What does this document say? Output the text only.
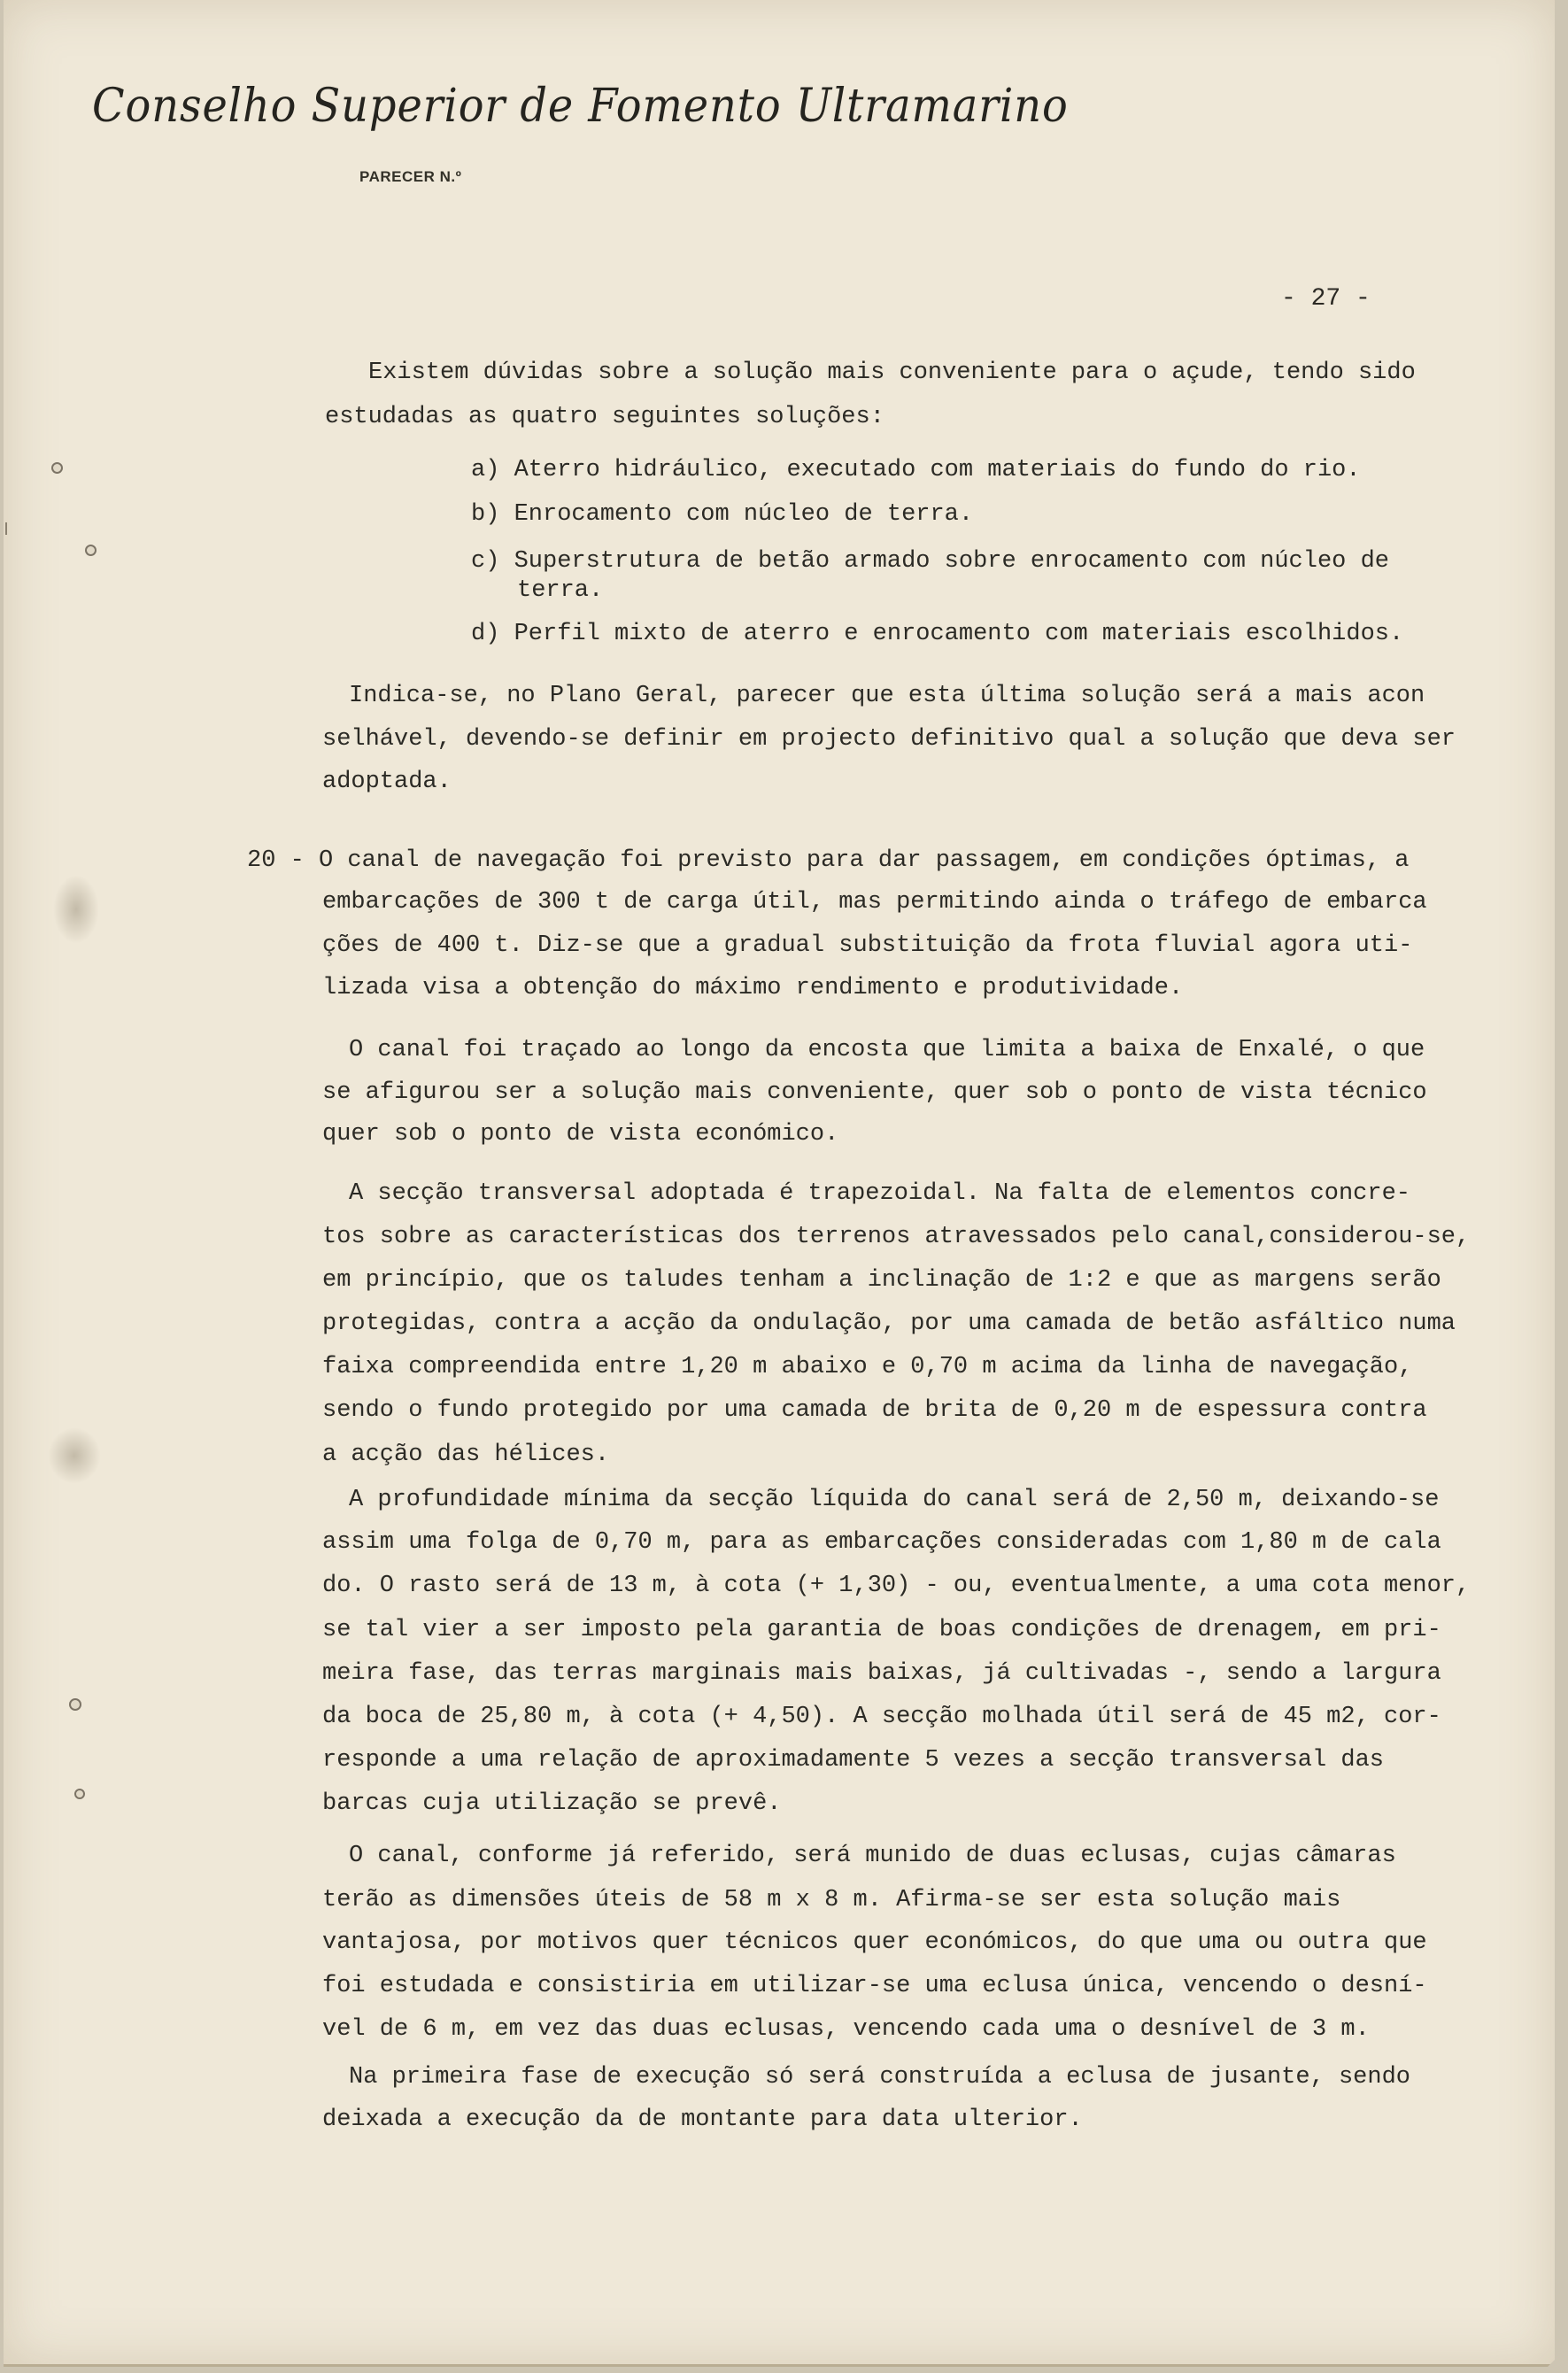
Conselho Superior de Fomento Ultramarino
PARECER N.º
- 27 -
Existem dúvidas sobre a solução mais conveniente para o açude, tendo sido
estudadas as quatro seguintes soluções:
a) Aterro hidráulico, executado com materiais do fundo do rio.
b) Enrocamento com núcleo de terra.
c) Superstrutura de betão armado sobre enrocamento com núcleo de
terra.
d) Perfil mixto de aterro e enrocamento com materiais escolhidos.
Indica-se, no Plano Geral, parecer que esta última solução será a mais acon
selhável, devendo-se definir em projecto definitivo qual a solução que deva ser
adoptada.
20 - O canal de navegação foi previsto para dar passagem, em condições óptimas, a
embarcações de 300 t de carga útil, mas permitindo ainda o tráfego de embarca
ções de 400 t. Diz-se que a gradual substituição da frota fluvial agora uti-
lizada visa a obtenção do máximo rendimento e produtividade.
O canal foi traçado ao longo da encosta que limita a baixa de Enxalé, o que
se afigurou ser a solução mais conveniente, quer sob o ponto de vista técnico
quer sob o ponto de vista económico.
A secção transversal adoptada é trapezoidal. Na falta de elementos concre-
tos sobre as características dos terrenos atravessados pelo canal,considerou-se,
em princípio, que os taludes tenham a inclinação de 1:2 e que as margens serão
protegidas, contra a acção da ondulação, por uma camada de betão asfáltico numa
faixa compreendida entre 1,20 m abaixo e 0,70 m acima da linha de navegação,
sendo o fundo protegido por uma camada de brita de 0,20 m de espessura contra
a acção das hélices.
A profundidade mínima da secção líquida do canal será de 2,50 m, deixando-se
assim uma folga de 0,70 m, para as embarcações consideradas com 1,80 m de cala
do. O rasto será de 13 m, à cota (+ 1,30) - ou, eventualmente, a uma cota menor,
se tal vier a ser imposto pela garantia de boas condições de drenagem, em pri-
meira fase, das terras marginais mais baixas, já cultivadas -, sendo a largura
da boca de 25,80 m, à cota (+ 4,50). A secção molhada útil será de 45 m2, cor-
responde a uma relação de aproximadamente 5 vezes a secção transversal das
barcas cuja utilização se prevê.
O canal, conforme já referido, será munido de duas eclusas, cujas câmaras
terão as dimensões úteis de 58 m x 8 m. Afirma-se ser esta solução mais
vantajosa, por motivos quer técnicos quer económicos, do que uma ou outra que
foi estudada e consistiria em utilizar-se uma eclusa única, vencendo o desní-
vel de 6 m, em vez das duas eclusas, vencendo cada uma o desnível de 3 m.
Na primeira fase de execução só será construída a eclusa de jusante, sendo
deixada a execução da de montante para data ulterior.
